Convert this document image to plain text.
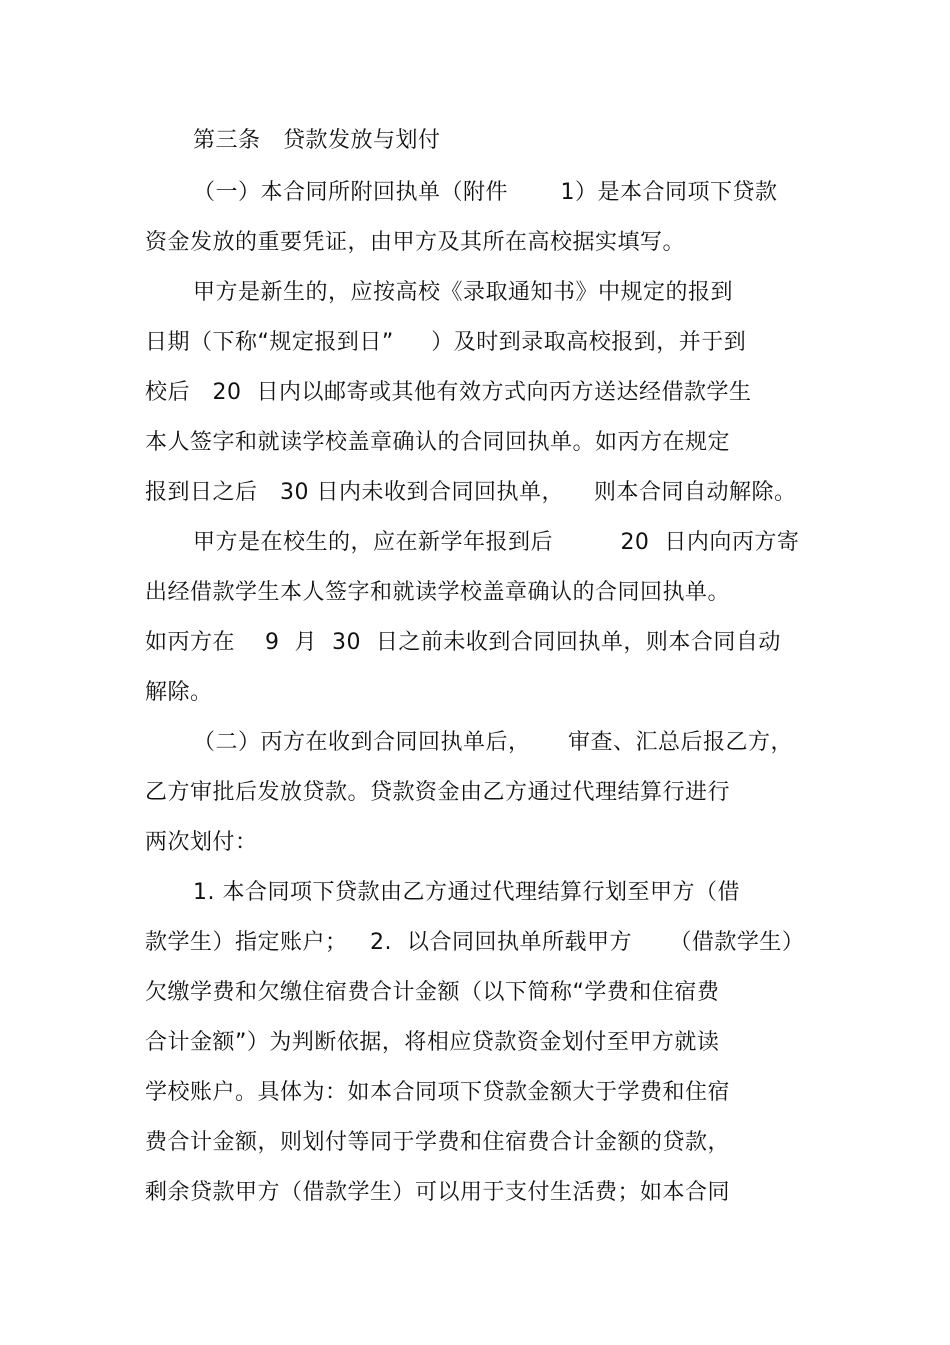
第三条   贷款发放与划付
（一）本合同所附回执单（附件       1）是本合同项下贷款
资金发放的重要凭证，由甲方及其所在高校据实填写。
甲方是新生的，应按高校《录取通知书》中规定的报到
日期（下称“规定报到日”     ）及时到录取高校报到，并于到
校后   20  日内以邮寄或其他有效方式向丙方送达经借款学生
本人签字和就读学校盖章确认的合同回执单。如丙方在规定
报到日之后   30 日内未收到合同回执单，    则本合同自动解除。
甲方是在校生的，应在新学年报到后         20  日内向丙方寄
出经借款学生本人签字和就读学校盖章确认的合同回执单。
如丙方在    9  月  30  日之前未收到合同回执单，则本合同自动
解除。
（二）丙方在收到合同回执单后，     审查、汇总后报乙方，
乙方审批后发放贷款。贷款资金由乙方通过代理结算行进行
两次划付：
1. 本合同项下贷款由乙方通过代理结算行划至甲方（借
款学生）指定账户；   2.  以合同回执单所载甲方     （借款学生）
欠缴学费和欠缴住宿费合计金额（以下简称“学费和住宿费
合计金额”）为判断依据，将相应贷款资金划付至甲方就读
学校账户。具体为：如本合同项下贷款金额大于学费和住宿
费合计金额，则划付等同于学费和住宿费合计金额的贷款，
剩余贷款甲方（借款学生）可以用于支付生活费；如本合同
